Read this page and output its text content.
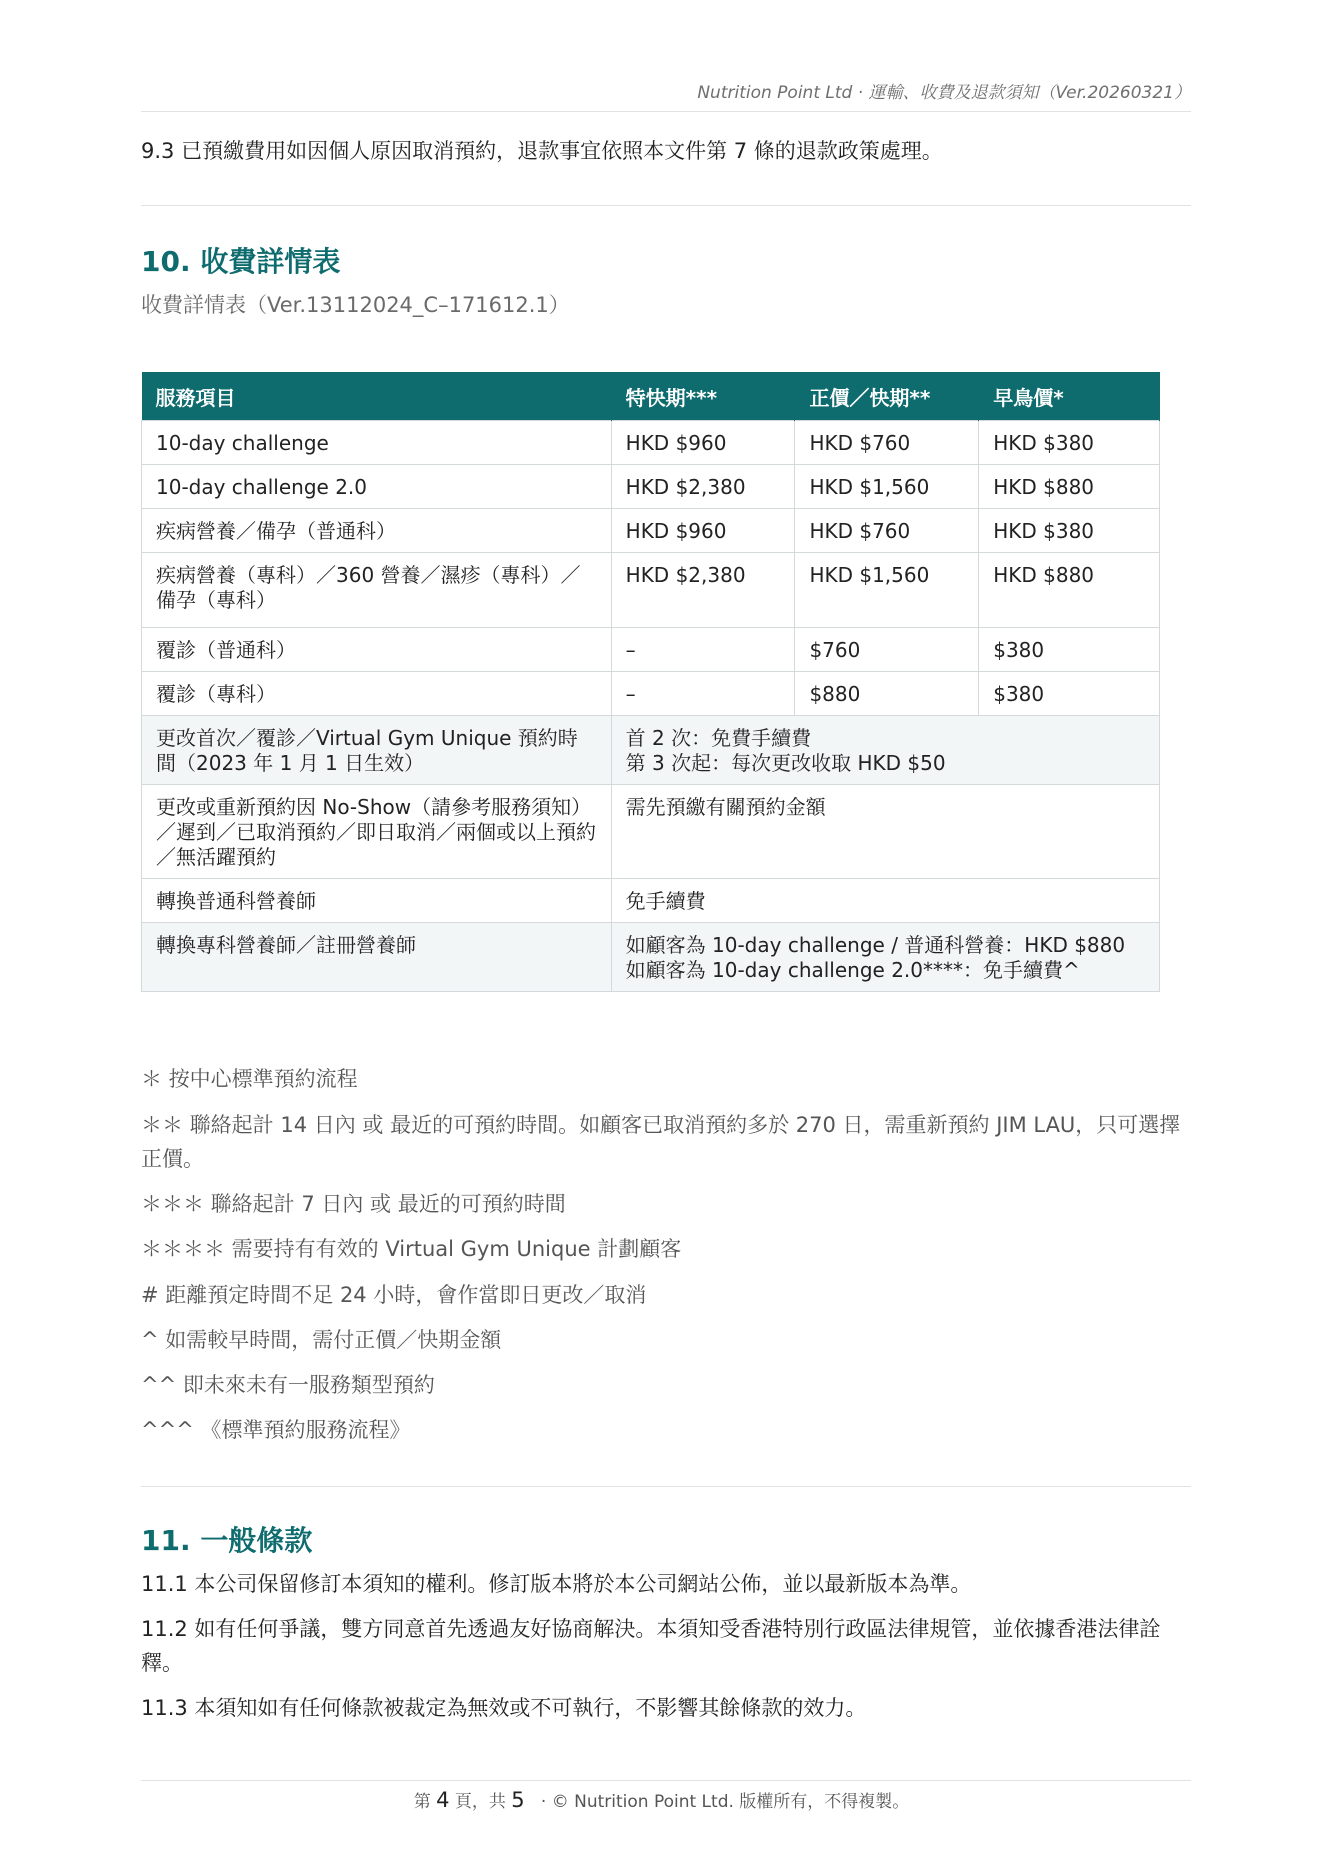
Nutrition Point Ltd · 運輸、收費及退款須知（Ver.20260321）
9.3 已預繳費用如因個人原因取消預約，退款事宜依照本文件第 7 條的退款政策處理。
10. 收費詳情表
收費詳情表（Ver.13112024_C–171612.1）
服務項目	特快期***	正價／快期**	早鳥價*
10-day challenge	HKD $960	HKD $760	HKD $380
10-day challenge 2.0	HKD $2,380	HKD $1,560	HKD $880
疾病營養／備孕（普通科）	HKD $960	HKD $760	HKD $380
疾病營養（專科）／360 營養／濕疹（專科）／備孕（專科）	HKD $2,380	HKD $1,560	HKD $880
覆診（普通科）	–	$760	$380
覆診（專科）	–	$880	$380
更改首次／覆診／Virtual Gym Unique 預約時間（2023 年 1 月 1 日生效）	首 2 次：免費手續費
第 3 次起：每次更改收取 HKD $50		

更改或重新預約因 No-Show（請參考服務須知）／遲到／已取消預約／即日取消／兩個或以上預約／無活躍預約	需先預繳有關預約金額		

轉換普通科營養師	免手續費		

轉換專科營養師／註冊營養師	如顧客為 10-day challenge / 普通科營養：HKD $880
如顧客為 10-day challenge 2.0****：免手續費^		
＊ 按中心標準預約流程
＊＊ 聯絡起計 14 日內 或 最近的可預約時間。如顧客已取消預約多於 270 日，需重新預約 JIM LAU，只可選擇正價。
＊＊＊ 聯絡起計 7 日內 或 最近的可預約時間
＊＊＊＊ 需要持有有效的 Virtual Gym Unique 計劃顧客
# 距離預定時間不足 24 小時，會作當即日更改／取消
^ 如需較早時間，需付正價／快期金額
^^ 即未來未有一服務類型預約
^^^ 《標準預約服務流程》
11. 一般條款
11.1 本公司保留修訂本須知的權利。修訂版本將於本公司網站公佈，並以最新版本為準。
11.2 如有任何爭議，雙方同意首先透過友好協商解決。本須知受香港特別行政區法律規管，並依據香港法律詮釋。
11.3 本須知如有任何條款被裁定為無效或不可執行，不影響其餘條款的效力。
第 4 頁，共 5 · © Nutrition Point Ltd. 版權所有，不得複製。
